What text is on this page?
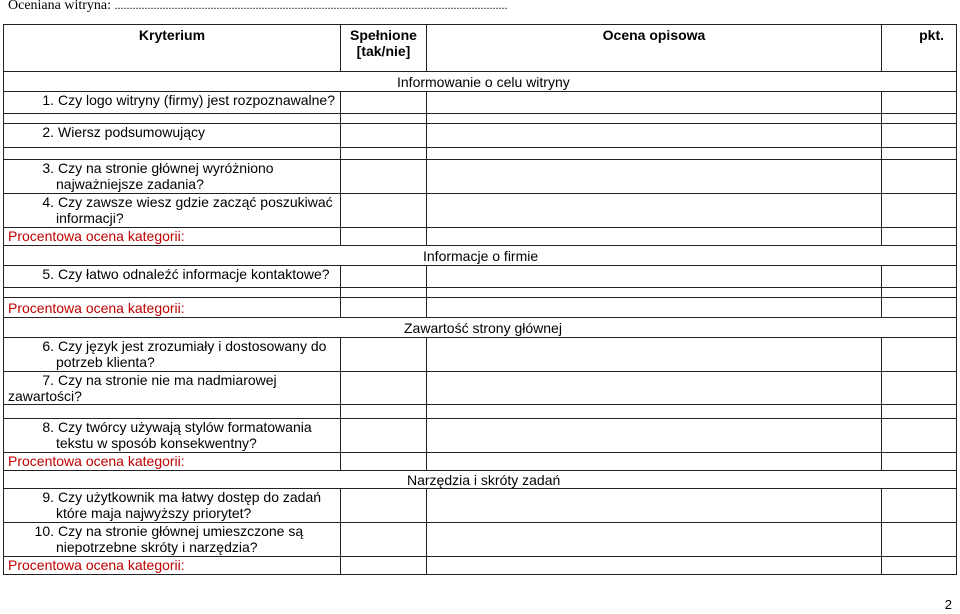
Oceniana witryna: ...................................................................................................................................
Kryterium	Spełnione [tak/nie]	Ocena opisowa	pkt.

Informowanie o celu witryny			

1. Czy logo witryny (firmy) jest rozpoznawalne?			

2. Wiersz podsumowujący			

3. Czy na stronie głównej wyróżniono
najważniejsze zadania?			

4. Czy zawsze wiesz gdzie zacząć poszukiwać
informacji?			

Procentowa ocena kategorii:			

Informacje o firmie			

5. Czy łatwo odnaleźć informacje kontaktowe?			

Procentowa ocena kategorii:			

Zawartość strony głównej			

6. Czy język jest zrozumiały i dostosowany do
potrzeb klienta?			

7. Czy na stronie nie ma nadmiarowej zawartości?			

8. Czy twórcy używają stylów formatowania
tekstu w sposób konsekwentny?			

Procentowa ocena kategorii:			

Narzędzia i skróty zadań			

9. Czy użytkownik ma łatwy dostęp do zadań
które maja najwyższy priorytet?			

10. Czy na stronie głównej umieszczone są
niepotrzebne skróty i narzędzia?			

Procentowa ocena kategorii:			

2
